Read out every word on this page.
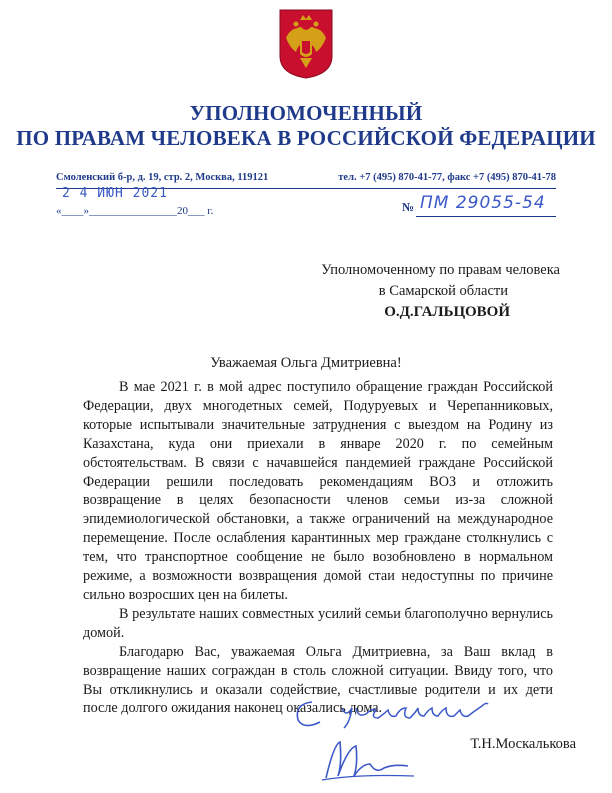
УПОЛНОМОЧЕННЫЙ
ПО ПРАВАМ ЧЕЛОВЕКА В РОССИЙСКОЙ ФЕДЕРАЦИИ
Смоленский б-р, д. 19, стр. 2, Москва, 119121	тел. +7 (495) 870-41-77, факс +7 (495) 870-41-78
2 4 ИЮН 2021
«____»________________20___ г.	№ ПМ 29055-54
Уполномоченному по правам человека
в Самарской области
О.Д.ГАЛЬЦОВОЙ
Уважаемая Ольга Дмитриевна!

В мае 2021 г. в мой адрес поступило обращение граждан Российской Федерации, двух многодетных семей, Подуруевых и Черепанниковых, которые испытывали значительные затруднения с выездом на Родину из Казахстана, куда они приехали в январе 2020 г. по семейным обстоятельствам. В связи с начавшейся пандемией граждане Российской Федерации решили последовать рекомендациям ВОЗ и отложить возвращение в целях безопасности членов семьи из-за сложной эпидемиологической обстановки, а также ограничений на международное перемещение. После ослабления карантинных мер граждане столкнулись с тем, что транспортное сообщение не было возобновлено в нормальном режиме, а возможности возвращения домой стаи недоступны по причине сильно возросших цен на билеты.

В результате наших совместных усилий семьи благополучно вернулись домой.

Благодарю Вас, уважаемая Ольга Дмитриевна, за Ваш вклад в возвращение наших сограждан в столь сложной ситуации. Ввиду того, что Вы откликнулись и оказали содействие, счастливые родители и их дети после долгого ожидания наконец оказались дома.

Т.Н.Москалькова
